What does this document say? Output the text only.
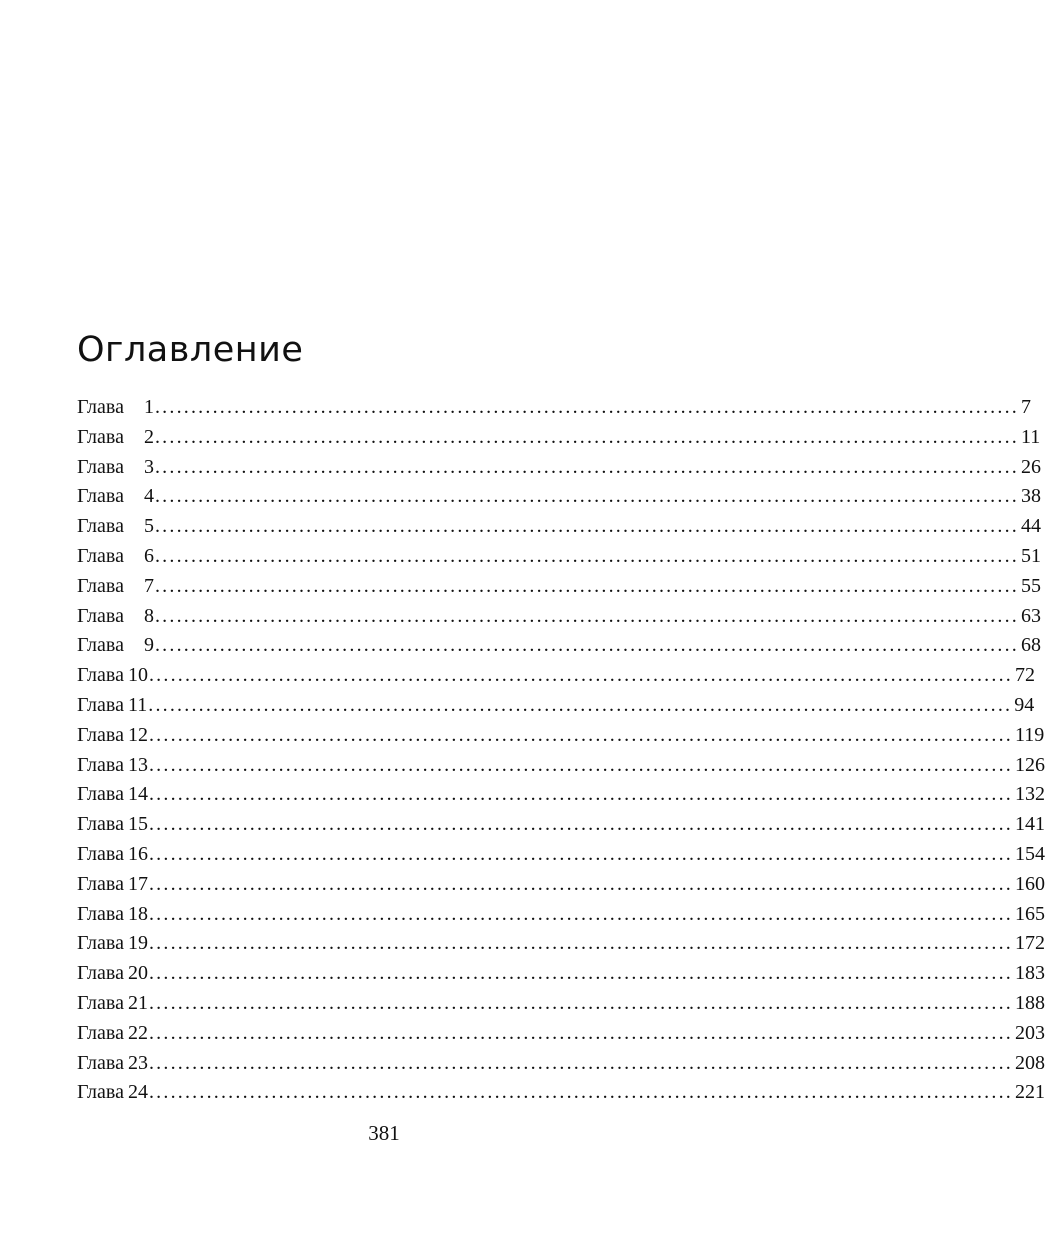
Оглавление
Глава	1 ........................................................................................................................ 7
Глава	2 ........................................................................................................................ 11
Глава	3 ........................................................................................................................ 26
Глава	4 ........................................................................................................................ 38
Глава	5 ........................................................................................................................ 44
Глава	6 ........................................................................................................................ 51
Глава	7 ........................................................................................................................ 55
Глава	8 ........................................................................................................................ 63
Глава	9 ........................................................................................................................ 68
Глава 10 ........................................................................................................................ 72
Глава 11 ........................................................................................................................ 94
Глава 12 ........................................................................................................................ 119
Глава 13 ........................................................................................................................ 126
Глава 14 ........................................................................................................................ 132
Глава 15 ........................................................................................................................ 141
Глава 16 ........................................................................................................................ 154
Глава 17 ........................................................................................................................ 160
Глава 18 ........................................................................................................................ 165
Глава 19 ........................................................................................................................ 172
Глава 20 ........................................................................................................................ 183
Глава 21 ........................................................................................................................ 188
Глава 22 ........................................................................................................................ 203
Глава 23 ........................................................................................................................ 208
Глава 24 ........................................................................................................................ 221
381
